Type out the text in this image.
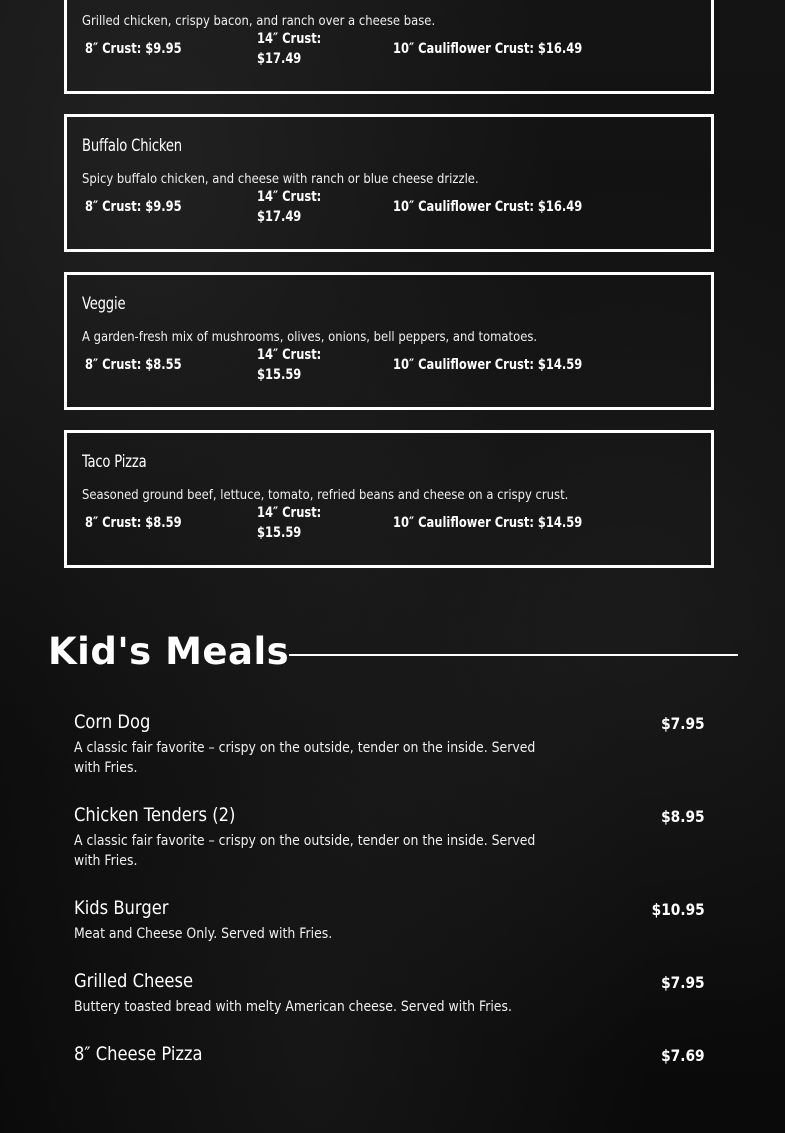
Grilled chicken, crispy bacon, and ranch over a cheese base.
8″ Crust: $9.95
14″ Crust:
$17.49
10″ Cauliflower Crust: $16.49
Buffalo Chicken
Spicy buffalo chicken, and cheese with ranch or blue cheese drizzle.
8″ Crust: $9.95
14″ Crust:
$17.49
10″ Cauliflower Crust: $16.49
Veggie
A garden-fresh mix of mushrooms, olives, onions, bell peppers, and tomatoes.
8″ Crust: $8.55
14″ Crust:
$15.59
10″ Cauliflower Crust: $14.59
Taco Pizza
Seasoned ground beef, lettuce, tomato, refried beans and cheese on a crispy crust.
8″ Crust: $8.59
14″ Crust:
$15.59
10″ Cauliflower Crust: $14.59
Kid's Meals
Corn Dog	$7.95
A classic fair favorite – crispy on the outside, tender on the inside. Served with Fries.
Chicken Tenders (2)	$8.95
A classic fair favorite – crispy on the outside, tender on the inside. Served with Fries.
Kids Burger	$10.95
Meat and Cheese Only. Served with Fries.
Grilled Cheese	$7.95
Buttery toasted bread with melty American cheese. Served with Fries.
8″ Cheese Pizza	$7.69
